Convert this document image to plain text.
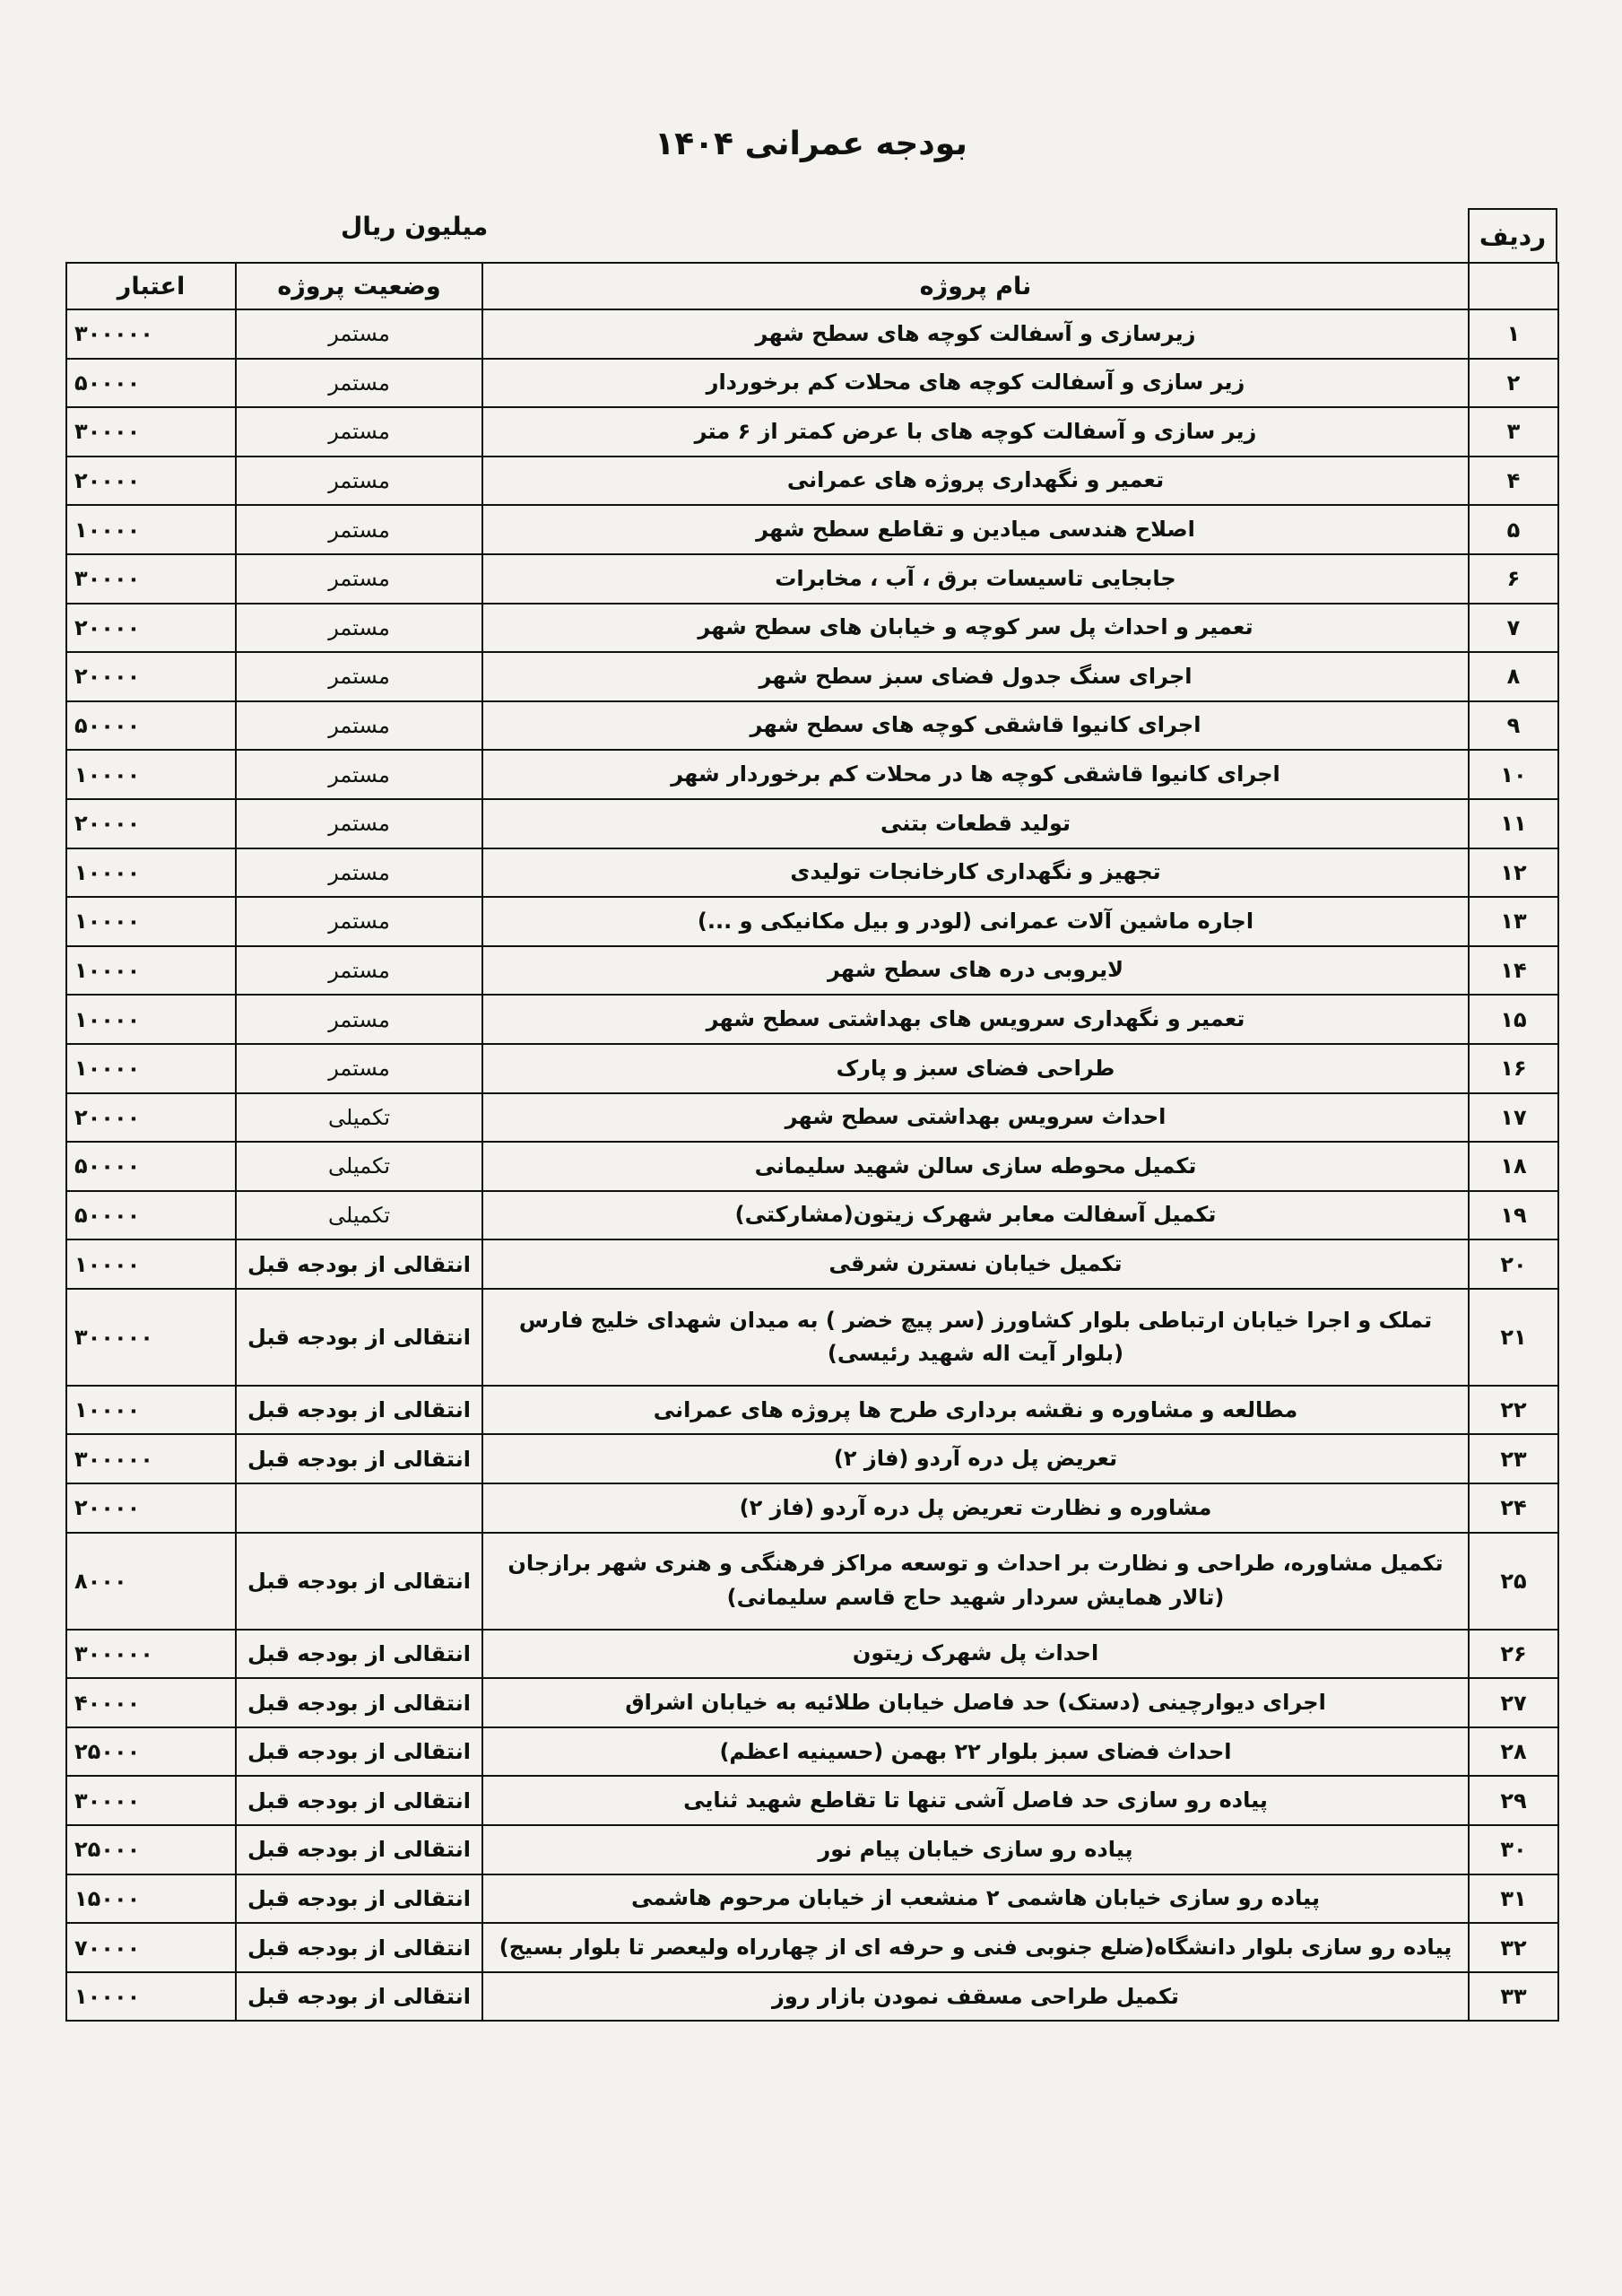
بودجه عمرانی ۱۴۰۴
میلیون ریال	ردیف
	نام پروژه	وضعیت پروژه	اعتبار
۱	زیرسازی و آسفالت کوچه های سطح شهر	مستمر	۳۰۰۰۰۰
۲	زیر سازی و آسفالت کوچه های محلات کم برخوردار	مستمر	۵۰۰۰۰
۳	زیر سازی و آسفالت کوچه های با عرض کمتر از ۶ متر	مستمر	۳۰۰۰۰
۴	تعمیر و نگهداری پروژه های عمرانی	مستمر	۲۰۰۰۰
۵	اصلاح هندسی میادین و تقاطع سطح شهر	مستمر	۱۰۰۰۰
۶	جابجایی تاسیسات برق ، آب ، مخابرات	مستمر	۳۰۰۰۰
۷	تعمیر و احداث پل سر کوچه و خیابان های سطح شهر	مستمر	۲۰۰۰۰
۸	اجرای سنگ جدول فضای سبز سطح شهر	مستمر	۲۰۰۰۰
۹	اجرای کانیوا قاشقی کوچه های سطح شهر	مستمر	۵۰۰۰۰
۱۰	اجرای کانیوا قاشقی کوچه ها در محلات کم برخوردار شهر	مستمر	۱۰۰۰۰
۱۱	تولید قطعات بتنی	مستمر	۲۰۰۰۰
۱۲	تجهیز و نگهداری کارخانجات تولیدی	مستمر	۱۰۰۰۰
۱۳	اجاره ماشین آلات عمرانی (لودر و بیل مکانیکی و ...)	مستمر	۱۰۰۰۰
۱۴	لایروبی دره های سطح شهر	مستمر	۱۰۰۰۰
۱۵	تعمیر و نگهداری سرویس های بهداشتی سطح شهر	مستمر	۱۰۰۰۰
۱۶	طراحی فضای سبز و پارک	مستمر	۱۰۰۰۰
۱۷	احداث سرویس بهداشتی سطح شهر	تکمیلی	۲۰۰۰۰
۱۸	تکمیل محوطه سازی سالن شهید سلیمانی	تکمیلی	۵۰۰۰۰
۱۹	تکمیل آسفالت معابر شهرک زیتون(مشارکتی)	تکمیلی	۵۰۰۰۰
۲۰	تکمیل خیابان نسترن شرقی	انتقالی از بودجه قبل	۱۰۰۰۰
۲۱	تملک و اجرا خیابان ارتباطی بلوار کشاورز (سر پیچ خضر ) به میدان شهدای خلیج فارس
(بلوار آیت اله شهید رئیسی)	انتقالی از بودجه قبل	۳۰۰۰۰۰
۲۲	مطالعه و مشاوره و نقشه برداری طرح ها پروژه های عمرانی	انتقالی از بودجه قبل	۱۰۰۰۰
۲۳	تعریض پل دره آردو (فاز ۲)	انتقالی از بودجه قبل	۳۰۰۰۰۰
۲۴	مشاوره و نظارت تعریض پل دره آردو (فاز ۲)		۲۰۰۰۰
۲۵	تکمیل مشاوره، طراحی و نظارت بر احداث و توسعه مراکز فرهنگی و هنری شهر برازجان
(تالار همایش سردار شهید حاج قاسم سلیمانی)	انتقالی از بودجه قبل	۸۰۰۰
۲۶	احداث پل شهرک زیتون	انتقالی از بودجه قبل	۳۰۰۰۰۰
۲۷	اجرای دیوارچینی (دستک) حد فاصل خیابان طلائیه به خیابان اشراق	انتقالی از بودجه قبل	۴۰۰۰۰
۲۸	احداث فضای سبز بلوار ۲۲ بهمن (حسینیه اعظم)	انتقالی از بودجه قبل	۲۵۰۰۰
۲۹	پیاده رو سازی حد فاصل آشی تنها تا تقاطع شهید ثنایی	انتقالی از بودجه قبل	۳۰۰۰۰
۳۰	پیاده رو سازی خیابان پیام نور	انتقالی از بودجه قبل	۲۵۰۰۰
۳۱	پیاده رو سازی خیابان هاشمی ۲ منشعب از خیابان مرحوم هاشمی	انتقالی از بودجه قبل	۱۵۰۰۰
۳۲	پیاده رو سازی بلوار دانشگاه(ضلع جنوبی فنی و حرفه ای از چهارراه ولیعصر تا بلوار بسیج)	انتقالی از بودجه قبل	۷۰۰۰۰
۳۳	تکمیل طراحی مسقف نمودن بازار روز	انتقالی از بودجه قبل	۱۰۰۰۰
